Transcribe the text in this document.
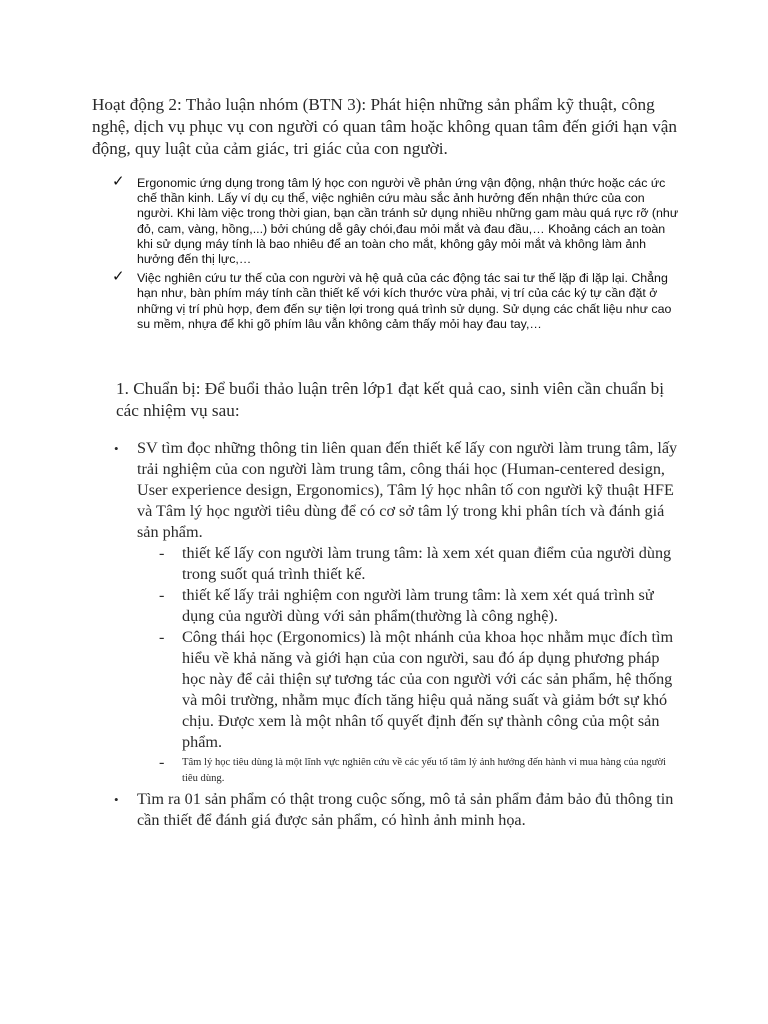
Hoạt động 2: Thảo luận nhóm (BTN 3): Phát hiện những sản phẩm kỹ thuật, công nghệ, dịch vụ phục vụ con người có quan tâm hoặc không quan tâm đến giới hạn vận động, quy luật của cảm giác, tri giác của con người.

✓ Ergonomic ứng dụng trong tâm lý học con người về phản ứng vận động, nhận thức hoặc các ức chế thần kinh. Lấy ví dụ cụ thể, việc nghiên cứu màu sắc ảnh hưởng đến nhận thức của con người. Khi làm việc trong thời gian, bạn cần tránh sử dụng nhiều những gam màu quá rực rỡ (như đỏ, cam, vàng, hồng,...) bởi chúng dễ gây chói,đau mỏi mắt và đau đầu,… Khoảng cách an toàn khi sử dụng máy tính là bao nhiêu để an toàn cho mắt, không gây mỏi mắt và không làm ảnh hưởng đến thị lực,…
✓ Việc nghiên cứu tư thế của con người và hệ quả của các động tác sai tư thế lặp đi lặp lại. Chẳng hạn như, bàn phím máy tính cần thiết kế với kích thước vừa phải, vị trí của các ký tự cần đặt ở những vị trí phù hợp, đem đến sự tiện lợi trong quá trình sử dụng. Sử dụng các chất liệu như cao su mềm, nhựa để khi gõ phím lâu vẫn không cảm thấy mỏi hay đau tay,…

1. Chuẩn bị: Để buổi thảo luận trên lớp1 đạt kết quả cao, sinh viên cần chuẩn bị các nhiệm vụ sau:

• SV tìm đọc những thông tin liên quan đến thiết kế lấy con người làm trung tâm, lấy trải nghiệm của con người làm trung tâm, công thái học (Human-centered design, User experience design, Ergonomics), Tâm lý học nhân tố con người kỹ thuật HFE và Tâm lý học người tiêu dùng để có cơ sở tâm lý trong khi phân tích và đánh giá sản phẩm.
- thiết kế lấy con người làm trung tâm: là xem xét quan điểm của người dùng trong suốt quá trình thiết kế.
- thiết kế lấy trải nghiệm con người làm trung tâm: là xem xét quá trình sử dụng của người dùng với sản phẩm(thường là công nghệ).
- Công thái học (Ergonomics) là một nhánh của khoa học nhằm mục đích tìm hiểu về khả năng và giới hạn của con người, sau đó áp dụng phương pháp học này để cải thiện sự tương tác của con người với các sản phẩm, hệ thống và môi trường, nhằm mục đích tăng hiệu quả năng suất và giảm bớt sự khó chịu. Được xem là một nhân tố quyết định đến sự thành công của một sản phẩm.
- Tâm lý học tiêu dùng là một lĩnh vực nghiên cứu về các yếu tố tâm lý ảnh hưởng đến hành vi mua hàng của người tiêu dùng.
• Tìm ra 01 sản phẩm có thật trong cuộc sống, mô tả sản phẩm đảm bảo đủ thông tin cần thiết để đánh giá được sản phẩm, có hình ảnh minh họa.
